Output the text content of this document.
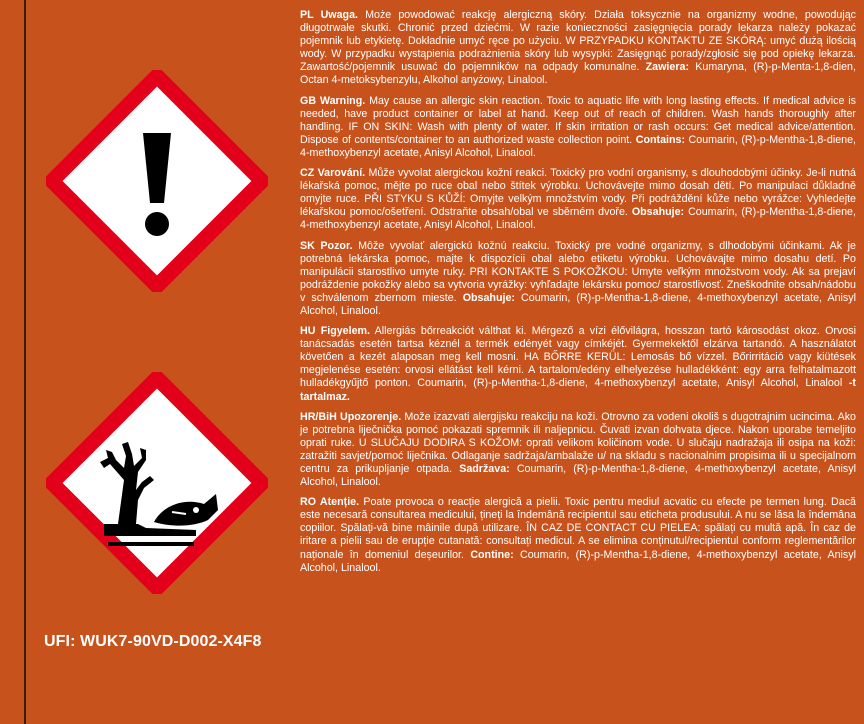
UFI: WUK7-90VD-D002-X4F8

PL Uwaga. Może powodować reakcję alergiczną skóry. Działa toksycznie na organizmy wodne, powodując długotrwałe skutki. Chronić przed dziećmi. W razie konieczności zasięgnięcia porady lekarza należy pokazać pojemnik lub etykietę. Dokładnie umyć ręce po użyciu. W PRZYPADKU KONTAKTU ZE SKÓRĄ: umyć dużą ilością wody. W przypadku wystąpienia podrażnienia skóry lub wysypki: Zasięgnąć porady/zgłosić się pod opiekę lekarza. Zawartość/pojemnik usuwać do pojemników na odpady komunalne. Zawiera: Kumaryna, (R)-p-Menta-1,8-dien, Octan 4-metoksybenzylu, Alkohol anyżowy, Linalool.

GB Warning. May cause an allergic skin reaction. Toxic to aquatic life with long lasting effects. If medical advice is needed, have product container or label at hand. Keep out of reach of children. Wash hands thoroughly after handling. IF ON SKIN: Wash with plenty of water. If skin irritation or rash occurs: Get medical advice/attention. Dispose of contents/container to an authorized waste collection point. Contains: Coumarin, (R)-p-Mentha-1,8-diene, 4-methoxybenzyl acetate, Anisyl Alcohol, Linalool.

CZ Varování. Může vyvolat alergickou kožní reakci. Toxický pro vodní organismy, s dlouhodobými účinky. Je-li nutná lékařská pomoc, mějte po ruce obal nebo štítek výrobku. Uchovávejte mimo dosah dětí. Po manipulaci důkladně omyjte ruce. PŘI STYKU S KŮŽÍ: Omyjte velkým množstvím vody. Při podráždění kůže nebo vyrážce: Vyhledejte lékařskou pomoc/ošetření. Odstraňte obsah/obal ve sběrném dvoře. Obsahuje: Coumarin, (R)-p-Mentha-1,8-diene, 4-methoxybenzyl acetate, Anisyl Alcohol, Linalool.

SK Pozor. Môže vyvolať alergickú kožnú reakciu. Toxický pre vodné organizmy, s dlhodobými účinkami. Ak je potrebná lekárska pomoc, majte k dispozícii obal alebo etiketu výrobku. Uchovávajte mimo dosahu detí. Po manipulácii starostlivo umyte ruky. PRI KONTAKTE S POKOŽKOU: Umyte veľkým množstvom vody. Ak sa prejaví podráždenie pokožky alebo sa vytvoria vyrážky: vyhľadajte lekársku pomoc/ starostlivosť. Zneškodnite obsah/nádobu v schválenom zbernom mieste. Obsahuje: Coumarin, (R)-p-Mentha-1,8-diene, 4-methoxybenzyl acetate, Anisyl Alcohol, Linalool.

HU Figyelem. Allergiás bőrreakciót válthat ki. Mérgező a vízi élővilágra, hosszan tartó károsodást okoz. Orvosi tanácsadás esetén tartsa kéznél a termék edényét vagy címkéjét. Gyermekektől elzárva tartandó. A használatot követően a kezét alaposan meg kell mosni. HA BŐRRE KERÜL: Lemosás bő vízzel. Bőrirritáció vagy kiütések megjelenése esetén: orvosi ellátást kell kérni. A tartalom/edény elhelyezése hulladékként: egy arra felhatalmazott hulladékgyűjtő ponton. Coumarin, (R)-p-Mentha-1,8-diene, 4-methoxybenzyl acetate, Anisyl Alcohol, Linalool -t tartalmaz.

HR/BiH Upozorenje. Može izazvati alergijsku reakciju na koži. Otrovno za vodeni okoliš s dugotrajnim ucincima. Ako je potrebna liječnička pomoć pokazati spremnik ili naljepnicu. Čuvati izvan dohvata djece. Nakon uporabe temeljito oprati ruke. U SLUČAJU DODIRA S KOŽOM: oprati velikom količinom vode. U slučaju nadražaja ili osipa na koži: zatražiti savjet/pomoć liječnika. Odlaganje sadržaja/ambalaže u/ na skladu s nacionalnim propisima ili u specijalnom centru za prikupljanje otpada. Sadržava: Coumarin, (R)-p-Mentha-1,8-diene, 4-methoxybenzyl acetate, Anisyl Alcohol, Linalool.

RO Atenție. Poate provoca o reacție alergică a pielii. Toxic pentru mediul acvatic cu efecte pe termen lung. Dacă este necesară consultarea medicului, țineți la îndemână recipientul sau eticheta produsului. A nu se lăsa la îndemâna copiilor. Spălați-vă bine mâinile după utilizare. ÎN CAZ DE CONTACT CU PIELEA: spălați cu multă apă. În caz de iritare a pielii sau de erupție cutanată: consultați medicul. A se elimina conținutul/recipientul conform reglementărilor naționale în domeniul deșeurilor. Contine: Coumarin, (R)-p-Mentha-1,8-diene, 4-methoxybenzyl acetate, Anisyl Alcohol, Linalool.
